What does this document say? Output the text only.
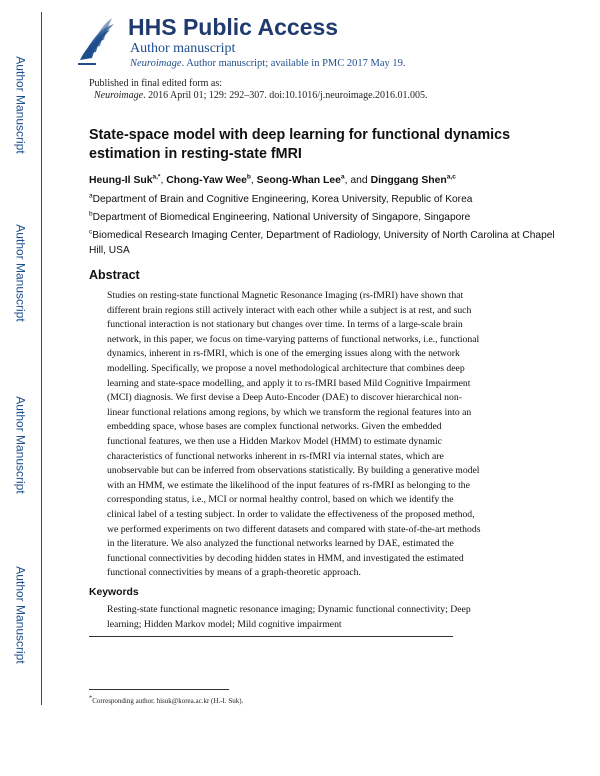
Author Manuscript
Author Manuscript
Author Manuscript
Author Manuscript
HHS Public Access
Author manuscript
Neuroimage. Author manuscript; available in PMC 2017 May 19.
Published in final edited form as:
Neuroimage. 2016 April 01; 129: 292–307. doi:10.1016/j.neuroimage.2016.01.005.
State-space model with deep learning for functional dynamics estimation in resting-state fMRI
Heung-Il Suk$^{a,*}$, Chong-Yaw Wee$^b$, Seong-Whan Lee$^a$, and Dinggang Shen$^{a,c}$
$^a$Department of Brain and Cognitive Engineering, Korea University, Republic of Korea
$^b$Department of Biomedical Engineering, National University of Singapore, Singapore
$^c$Biomedical Research Imaging Center, Department of Radiology, University of North Carolina at Chapel Hill, USA
Abstract
Studies on resting-state functional Magnetic Resonance Imaging (rs-fMRI) have shown that different brain regions still actively interact with each other while a subject is at rest, and such functional interaction is not stationary but changes over time. In terms of a large-scale brain network, in this paper, we focus on time-varying patterns of functional networks, i.e., functional dynamics, inherent in rs-fMRI, which is one of the emerging issues along with the network modelling. Specifically, we propose a novel methodological architecture that combines deep learning and state-space modelling, and apply it to rs-fMRI based Mild Cognitive Impairment (MCI) diagnosis. We first devise a Deep Auto-Encoder (DAE) to discover hierarchical non-linear functional relations among regions, by which we transform the regional features into an embedding space, whose bases are complex functional networks. Given the embedded functional features, we then use a Hidden Markov Model (HMM) to estimate dynamic characteristics of functional networks inherent in rs-fMRI via internal states, which are unobservable but can be inferred from observations statistically. By building a generative model with an HMM, we estimate the likelihood of the input features of rs-fMRI as belonging to the corresponding status, i.e., MCI or normal healthy control, based on which we identify the clinical label of a testing subject. In order to validate the effectiveness of the proposed method, we performed experiments on two different datasets and compared with state-of-the-art methods in the literature. We also analyzed the functional networks learned by DAE, estimated the functional connectivities by decoding hidden states in HMM, and investigated the estimated functional connectivities by means of a graph-theoretic approach.
Keywords
Resting-state functional magnetic resonance imaging; Dynamic functional connectivity; Deep learning; Hidden Markov model; Mild cognitive impairment
*Corresponding author. hisuk@korea.ac.kr (H.-I. Suk).
